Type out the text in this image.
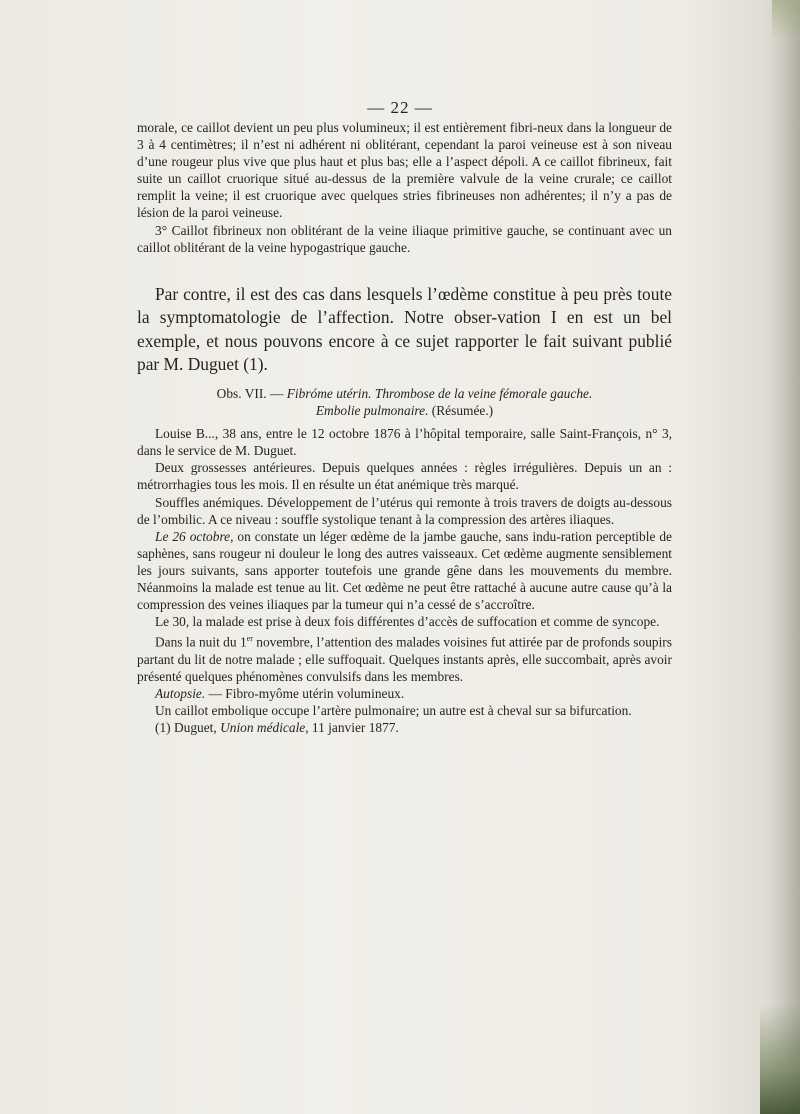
— 22 —

morale, ce caillot devient un peu plus volumineux; il est entièrement fibri-neux dans la longueur de 3 à 4 centimètres; il n’est ni adhérent ni oblitérant, cependant la paroi veineuse est à son niveau d’une rougeur plus vive que plus haut et plus bas; elle a l’aspect dépoli. A ce caillot fibrineux, fait suite un caillot cruorique situé au-dessus de la première valvule de la veine crurale; ce caillot remplit la veine; il est cruorique avec quelques stries fibrineuses non adhérentes; il n’y a pas de lésion de la paroi veineuse.

3° Caillot fibrineux non oblitérant de la veine iliaque primitive gauche, se continuant avec un caillot oblitérant de la veine hypogastrique gauche.

Par contre, il est des cas dans lesquels l’œdème constitue à peu près toute la symptomatologie de l’affection. Notre obser-vation I en est un bel exemple, et nous pouvons encore à ce sujet rapporter le fait suivant publié par M. Duguet (1).

Obs. VII. — Fibróme utérin. Thrombose de la veine fémorale gauche.

Embolie pulmonaire. (Résumée.)

Louise B..., 38 ans, entre le 12 octobre 1876 à l’hôpital temporaire, salle Saint-François, n° 3, dans le service de M. Duguet.

Deux grossesses antérieures. Depuis quelques années : règles irrégulières. Depuis un an : métrorrhagies tous les mois. Il en résulte un état anémique très marqué.

Souffles anémiques. Développement de l’utérus qui remonte à trois travers de doigts au-dessous de l’ombilic. A ce niveau : souffle systolique tenant à la compression des artères iliaques.

Le 26 octobre, on constate un léger œdème de la jambe gauche, sans indu-ration perceptible de saphènes, sans rougeur ni douleur le long des autres vaisseaux. Cet œdème augmente sensiblement les jours suivants, sans apporter toutefois une grande gêne dans les mouvements du membre. Néanmoins la malade est tenue au lit. Cet œdème ne peut être rattaché à aucune autre cause qu’à la compression des veines iliaques par la tumeur qui n’a cessé de s’accroître.

Le 30, la malade est prise à deux fois différentes d’accès de suffocation et comme de syncope.

Dans la nuit du 1er novembre, l’attention des malades voisines fut attirée par de profonds soupirs partant du lit de notre malade ; elle suffoquait. Quelques instants après, elle succombait, après avoir présenté quelques phénomènes convulsifs dans les membres.

Autopsie. — Fibro-myôme utérin volumineux.

Un caillot embolique occupe l’artère pulmonaire; un autre est à cheval sur sa bifurcation.

(1) Duguet, Union médicale, 11 janvier 1877.
